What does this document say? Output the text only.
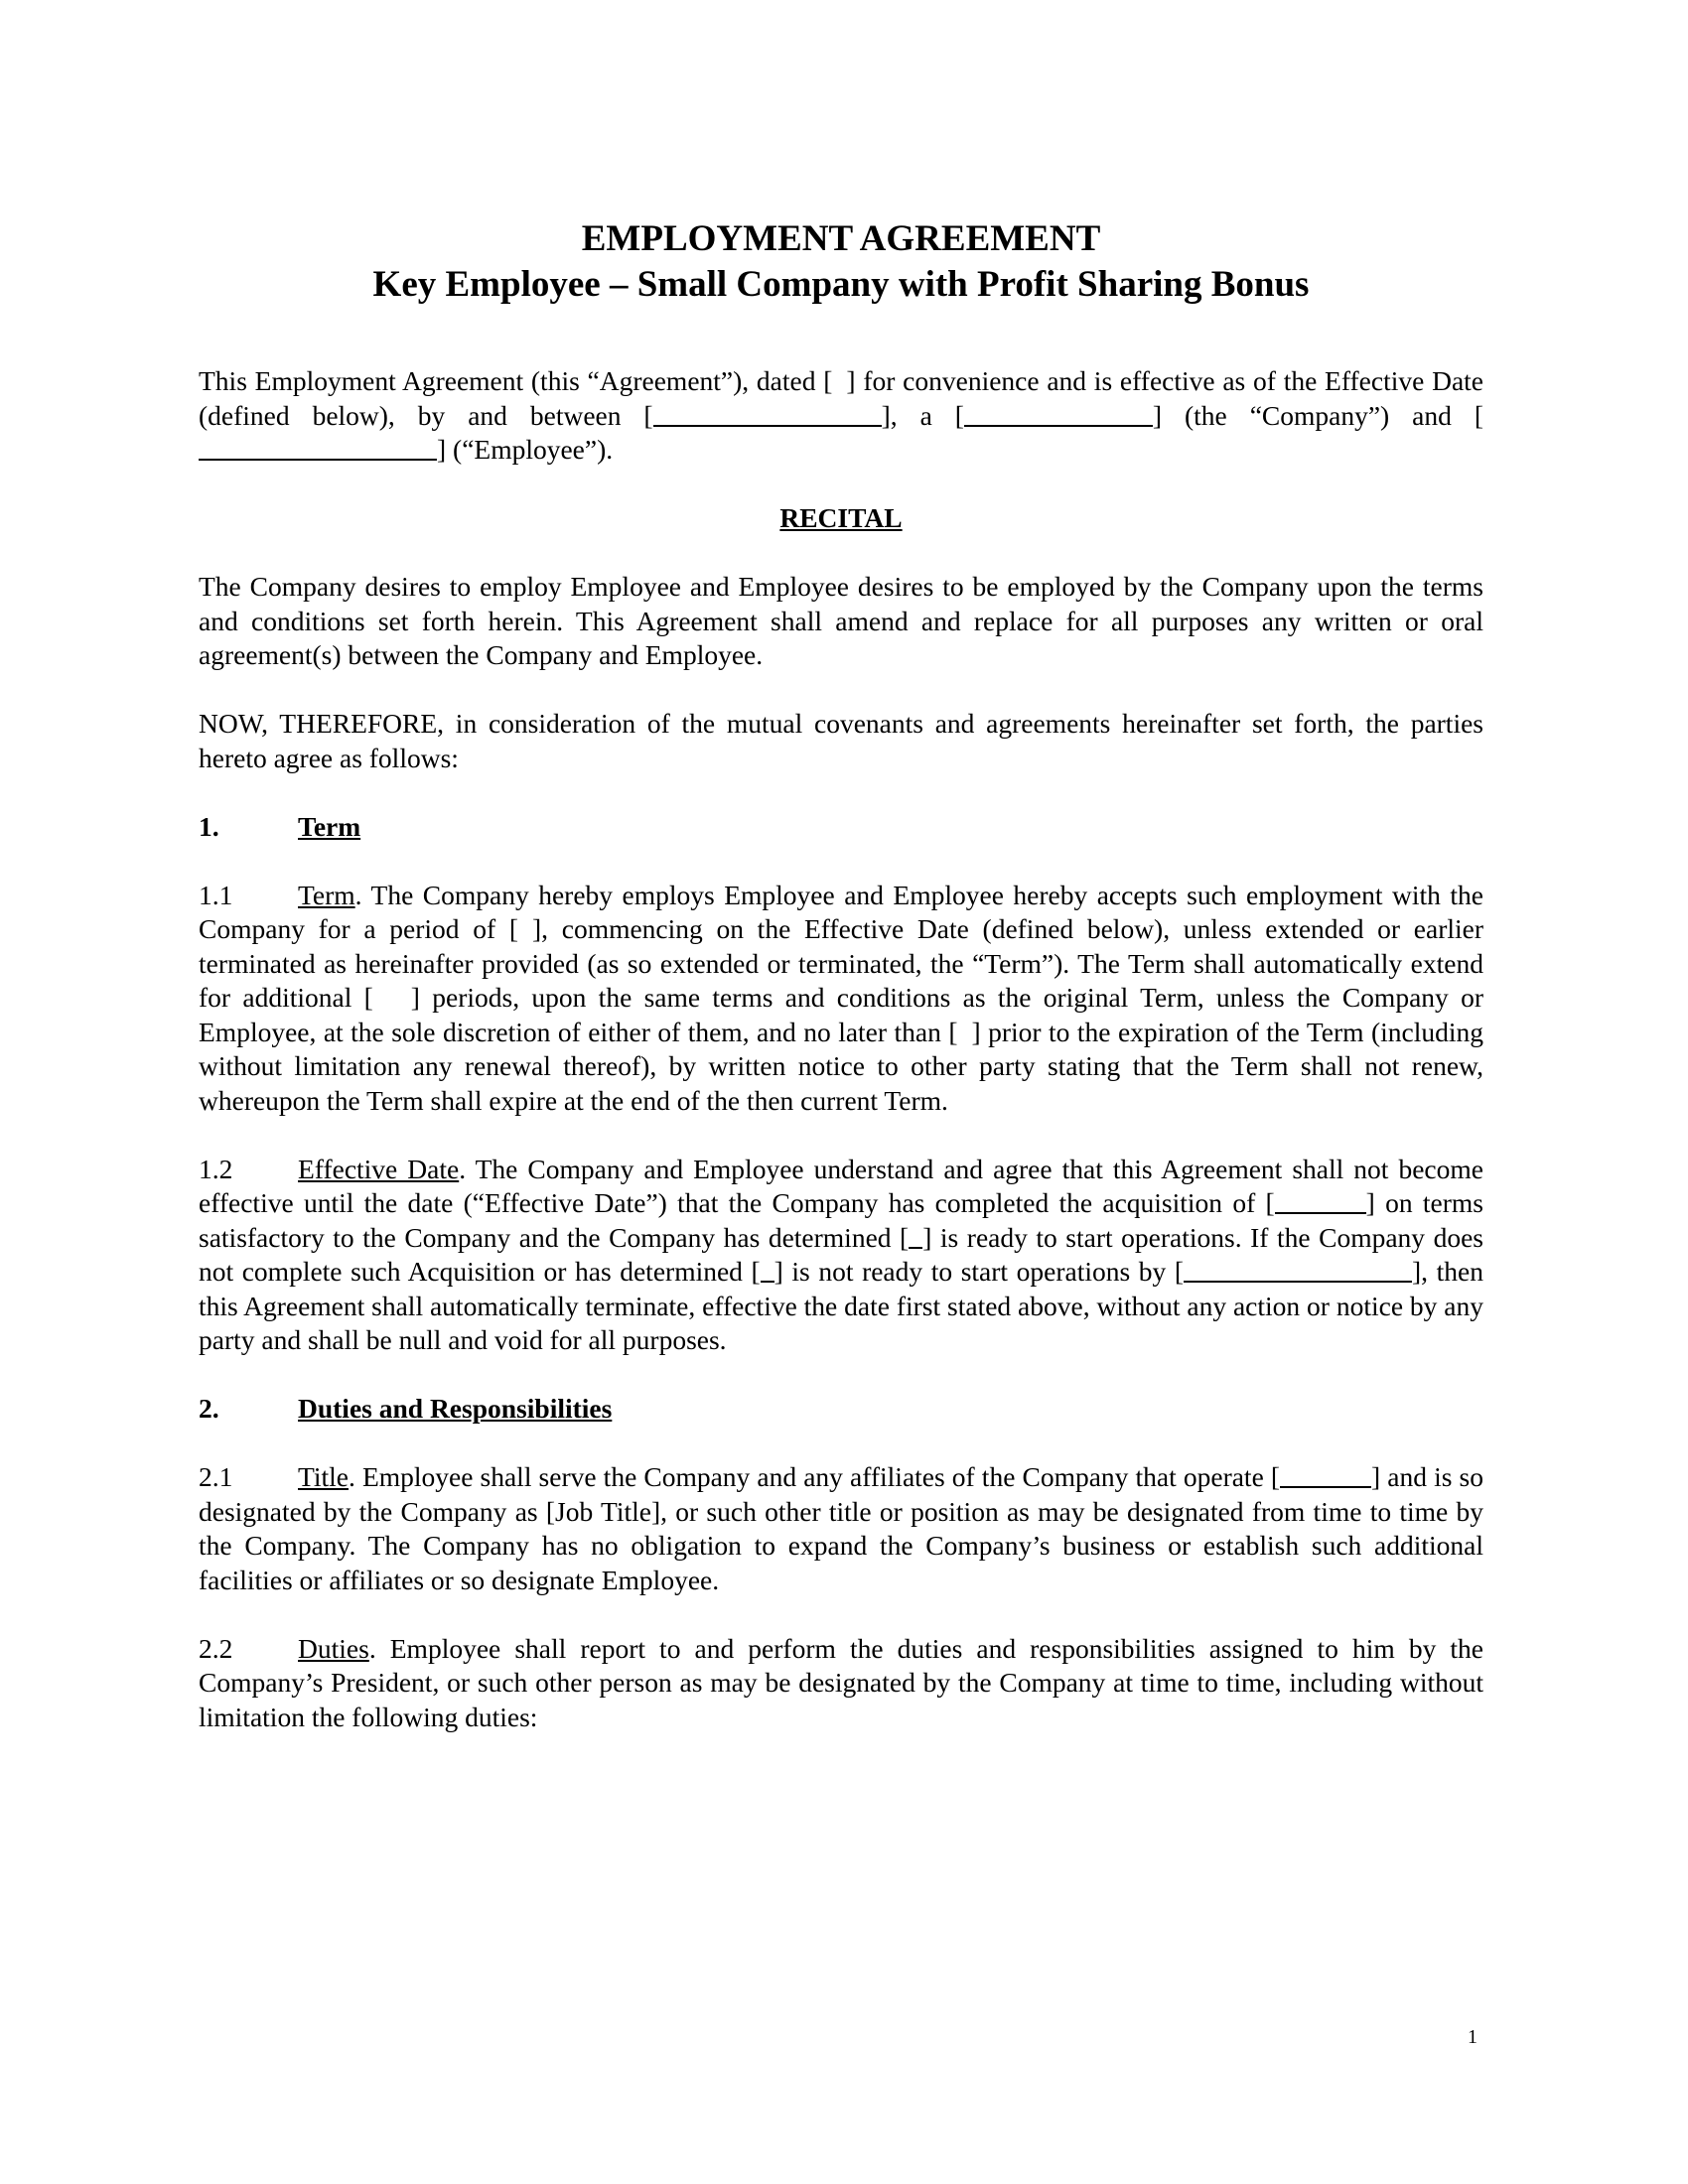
EMPLOYMENT AGREEMENT

Key Employee – Small Company with Profit Sharing Bonus

This Employment Agreement (this “Agreement”), dated [ ] for convenience and is effective as of the Effective Date (defined below), by and between [	], a [	] (the “Company”) and [] (“Employee”).

RECITAL

The Company desires to employ Employee and Employee desires to be employed by the Company upon the terms and conditions set forth herein. This Agreement shall amend and replace for all purposes any written or oral agreement(s) between the Company and Employee.

NOW, THEREFORE, in consideration of the mutual covenants and agreements hereinafter set forth, the parties hereto agree as follows:

1.	Term

1.1 Term. The Company hereby employs Employee and Employee hereby accepts such employment with the Company for a period of [ ], commencing on the Effective Date (defined below), unless extended or earlier terminated as hereinafter provided (as so extended or terminated, the “Term”). The Term shall automatically extend for additional [ ] periods, upon the same terms and conditions as the original Term, unless the Company or Employee, at the sole discretion of either of them, and no later than [ ] prior to the expiration of the Term (including without limitation any renewal thereof), by written notice to other party stating that the Term shall not renew, whereupon the Term shall expire at the end of the then current Term.

1.2 Effective Date. The Company and Employee understand and agree that this Agreement shall not become effective until the date (“Effective Date”) that the Company has completed the acquisition of [	] on terms satisfactory to the Company and the Company has determined [ ] is ready to start operations. If the Company does not complete such Acquisition or has determined [ ] is not ready to start operations by [	], then this Agreement shall automatically terminate, effective the date first stated above, without any action or notice by any party and shall be null and void for all purposes.

2.	Duties and Responsibilities

2.1 Title. Employee shall serve the Company and any affiliates of the Company that operate [	] and is so designated by the Company as [Job Title], or such other title or position as may be designated from time to time by the Company. The Company has no obligation to expand the Company’s business or establish such additional facilities or affiliates or so designate Employee.

2.2 Duties. Employee shall report to and perform the duties and responsibilities assigned to him by the Company’s President, or such other person as may be designated by the Company at time to time, including without limitation the following duties:

1
